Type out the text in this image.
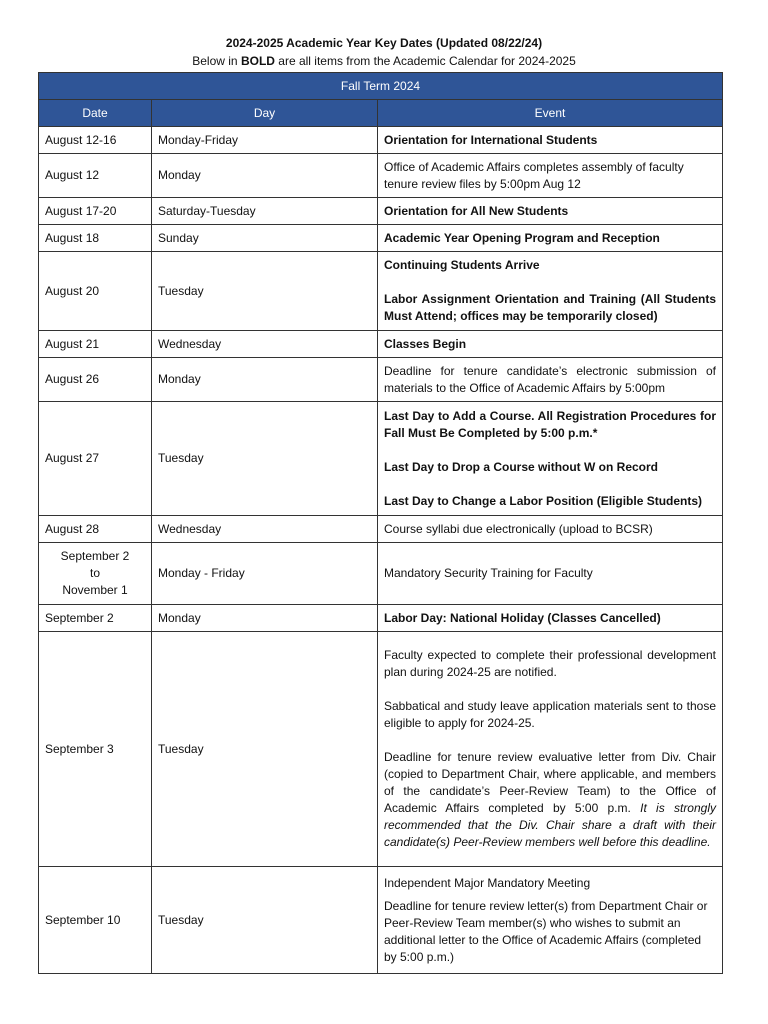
2024-2025 Academic Year Key Dates (Updated 08/22/24)
Below in BOLD are all items from the Academic Calendar for 2024-2025
Fall Term 2024		
Date	Day	Event
August 12-16	Monday-Friday	Orientation for International Students
August 12	Monday	Office of Academic Affairs completes assembly of faculty tenure review files by 5:00pm Aug 12
August 17-20	Saturday-Tuesday	Orientation for All New Students
August 18	Sunday	Academic Year Opening Program and Reception
August 20	Tuesday	Continuing Students Arrive

Labor Assignment Orientation and Training (All Students Must Attend; offices may be temporarily closed)

August 21	Wednesday	Classes Begin
August 26	Monday	Deadline for tenure candidate’s electronic submission of materials to the Office of Academic Affairs by 5:00pm
August 27	Tuesday	Last Day to Add a Course. All Registration Procedures for Fall Must Be Completed by 5:00 p.m.*

Last Day to Drop a Course without W on Record

Last Day to Change a Labor Position (Eligible Students)

August 28	Wednesday	Course syllabi due electronically (upload to BCSR)

September 2
to
November 1	Monday - Friday	Mandatory Security Training for Faculty
September 2	Monday	Labor Day: National Holiday (Classes Cancelled)
September 3	Tuesday	Faculty expected to complete their professional development plan during 2024-25 are notified.

Sabbatical and study leave application materials sent to those eligible to apply for 2024-25.

Deadline for tenure review evaluative letter from Div. Chair (copied to Department Chair, where applicable, and members of the candidate’s Peer-Review Team) to the Office of Academic Affairs completed by 5:00 p.m. It is strongly recommended that the Div. Chair share a draft with their candidate(s) Peer-Review members well before this deadline.

September 10	Tuesday	Independent Major Mandatory Meeting

Deadline for tenure review letter(s) from Department Chair or Peer-Review Team member(s) who wishes to submit an additional letter to the Office of Academic Affairs (completed by 5:00 p.m.)
